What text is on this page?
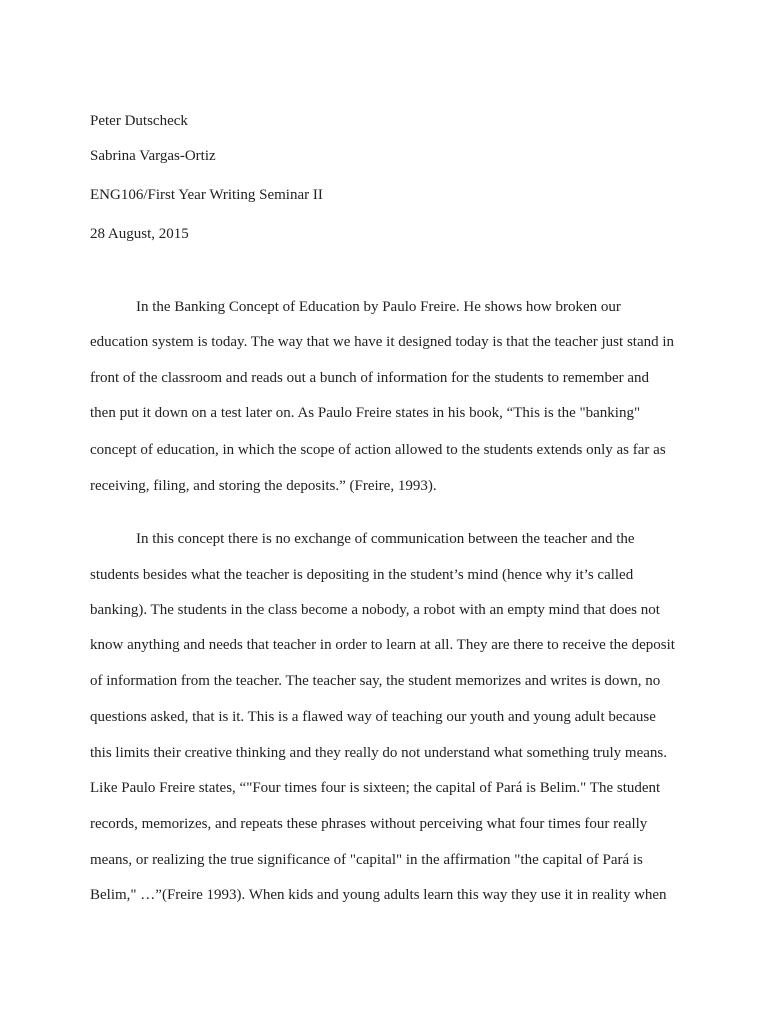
Peter Dutscheck
Sabrina Vargas-Ortiz
ENG106/First Year Writing Seminar II
28 August, 2015
In the Banking Concept of Education by Paulo Freire. He shows how broken our
education system is today. The way that we have it designed today is that the teacher just stand in
front of the classroom and reads out a bunch of information for the students to remember and
then put it down on a test later on. As Paulo Freire states in his book, “This is the "banking"
concept of education, in which the scope of action allowed to the students extends only as far as
receiving, filing, and storing the deposits.” (Freire, 1993).
In this concept there is no exchange of communication between the teacher and the
students besides what the teacher is depositing in the student’s mind (hence why it’s called
banking). The students in the class become a nobody, a robot with an empty mind that does not
know anything and needs that teacher in order to learn at all. They are there to receive the deposit
of information from the teacher. The teacher say, the student memorizes and writes is down, no
questions asked, that is it. This is a flawed way of teaching our youth and young adult because
this limits their creative thinking and they really do not understand what something truly means.
Like Paulo Freire states, “"Four times four is sixteen; the capital of Pará is Belim." The student
records, memorizes, and repeats these phrases without perceiving what four times four really
means, or realizing the true significance of "capital" in the affirmation "the capital of Pará is
Belim," …”(Freire 1993). When kids and young adults learn this way they use it in reality when
